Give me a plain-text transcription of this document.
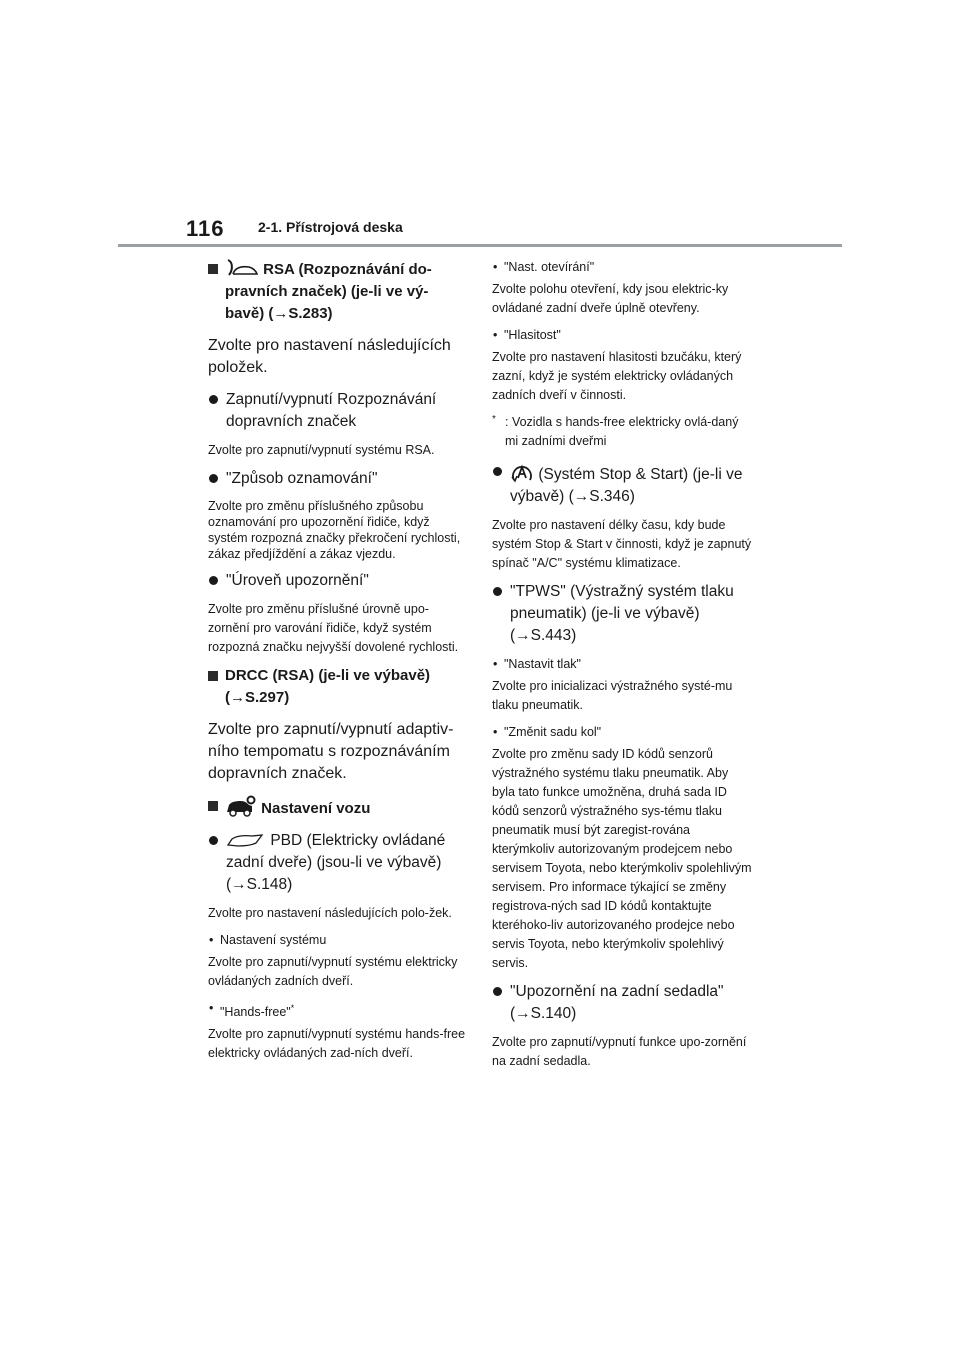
116 2-1. Přístrojová deska
RSA (Rozpoznávání do-
pravních značek) (je-li ve vý-
bavě) (→S.283)

Zvolte pro nastavení následujících položek.

Zapnutí/vypnutí Rozpoznávání dopravních značek

Zvolte pro zapnutí/vypnutí systému RSA.

"Způsob oznamování"

Zvolte pro změnu příslušného způsobu oznamování pro upozornění řidiče, když systém rozpozná značky překročení rychlosti, zákaz předjíždění a zákaz vjezdu.

"Úroveň upozornění"

Zvolte pro změnu příslušné úrovně upo-zornění pro varování řidiče, když systém rozpozná značku nejvyšší dovolené rychlosti.

DRCC (RSA) (je-li ve výbavě) (→S.297)

Zvolte pro zapnutí/vypnutí adaptiv-ního tempomatu s rozpoznáváním dopravních značek.

Nastavení vozu
PBD (Elektricky ovládané zadní dveře) (jsou-li ve výbavě) (→S.148)

Zvolte pro nastavení následujících polo-žek.

• Nastavení systému

Zvolte pro zapnutí/vypnutí systému elektricky ovládaných zadních dveří.

• "Hands-free"*

Zvolte pro zapnutí/vypnutí systému hands-free elektricky ovládaných zad-ních dveří.

• "Nast. otevírání"

Zvolte polohu otevření, kdy jsou elektric-ky ovládané zadní dveře úplně otevřeny.

• "Hlasitost"

Zvolte pro nastavení hlasitosti bzučáku, který zazní, když je systém elektricky ovládaných zadních dveří v činnosti.

* : Vozidla s hands-free elektricky ovlá-daný mi zadními dveřmi
(Systém Stop & Start) (je-li ve výbavě) (→S.346)

Zvolte pro nastavení délky času, kdy bude systém Stop & Start v činnosti, když je zapnutý spínač "A/C" systému klimatizace.

"TPWS" (Výstražný systém tlaku pneumatik) (je-li ve výbavě) (→S.443)
• "Nastavit tlak"

Zvolte pro inicializaci výstražného systé-mu tlaku pneumatik.

• "Změnit sadu kol"

Zvolte pro změnu sady ID kódů senzorů výstražného systému tlaku pneumatik. Aby byla tato funkce umožněna, druhá sada ID kódů senzorů výstražného sys-tému tlaku pneumatik musí být zaregist-rována kterýmkoliv autorizovaným prodejcem nebo servisem Toyota, nebo kterýmkoliv spolehlivým servisem. Pro informace týkající se změny registrova-ných sad ID kódů kontaktujte kteréhoko-liv autorizovaného prodejce nebo servis Toyota, nebo kterýmkoliv spolehlivý servis.

"Upozornění na zadní sedadla" (→S.140)

Zvolte pro zapnutí/vypnutí funkce upo-zornění na zadní sedadla.
